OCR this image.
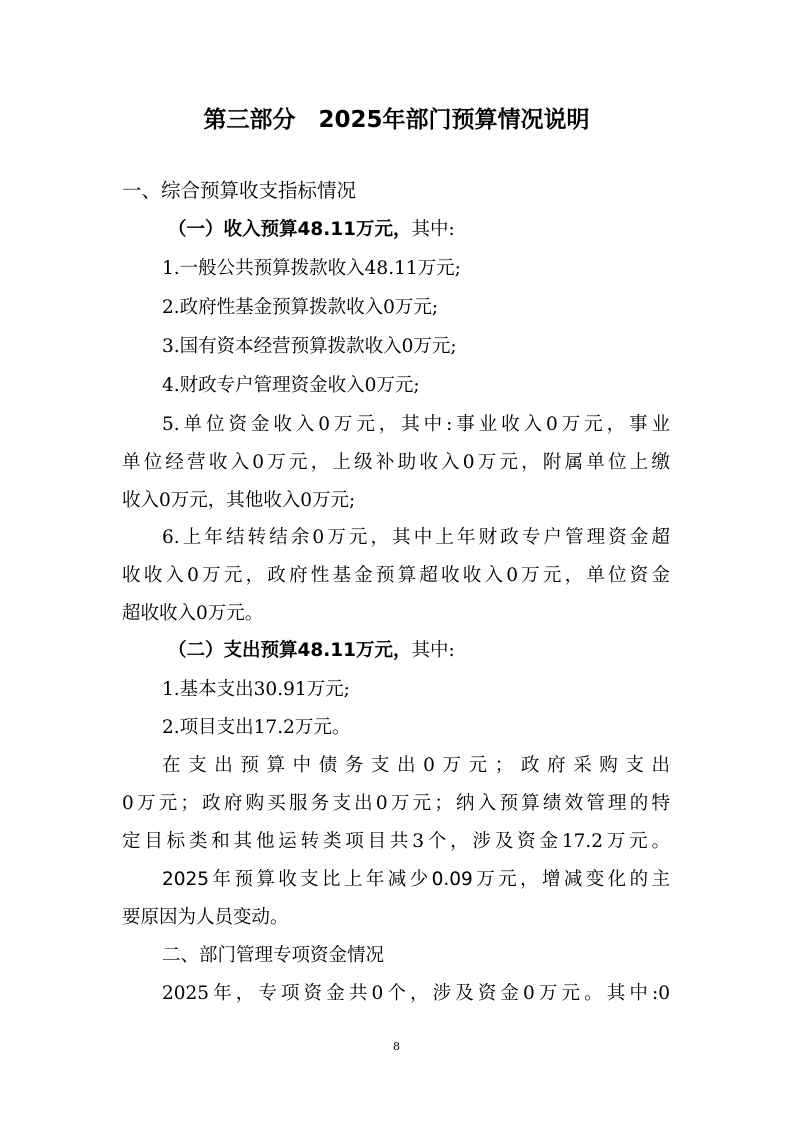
第三部分　2025年部门预算情况说明
一、综合预算收支指标情况
（一）收入预算48.11万元，其中:
1.一般公共预算拨款收入48.11万元;
2.政府性基金预算拨款收入0万元;
3.国有资本经营预算拨款收入0万元;
4.财政专户管理资金收入0万元;
5.单位资金收入0万元，其中:事业收入0万元，事业
单位经营收入0万元，上级补助收入0万元，附属单位上缴
收入0万元，其他收入0万元;
6.上年结转结余0万元，其中上年财政专户管理资金超
收收入0万元，政府性基金预算超收收入0万元，单位资金
超收收入0万元。
（二）支出预算48.11万元，其中:
1.基本支出30.91万元;
2.项目支出17.2万元。
在支出预算中债务支出0万元；政府采购支出
0万元；政府购买服务支出0万元；纳入预算绩效管理的特
定目标类和其他运转类项目共3个，涉及资金17.2万元。
2025年预算收支比上年减少0.09万元，增减变化的主
要原因为人员变动。
二、部门管理专项资金情况
2025年，专项资金共0个，涉及资金0万元。其中:0
8
